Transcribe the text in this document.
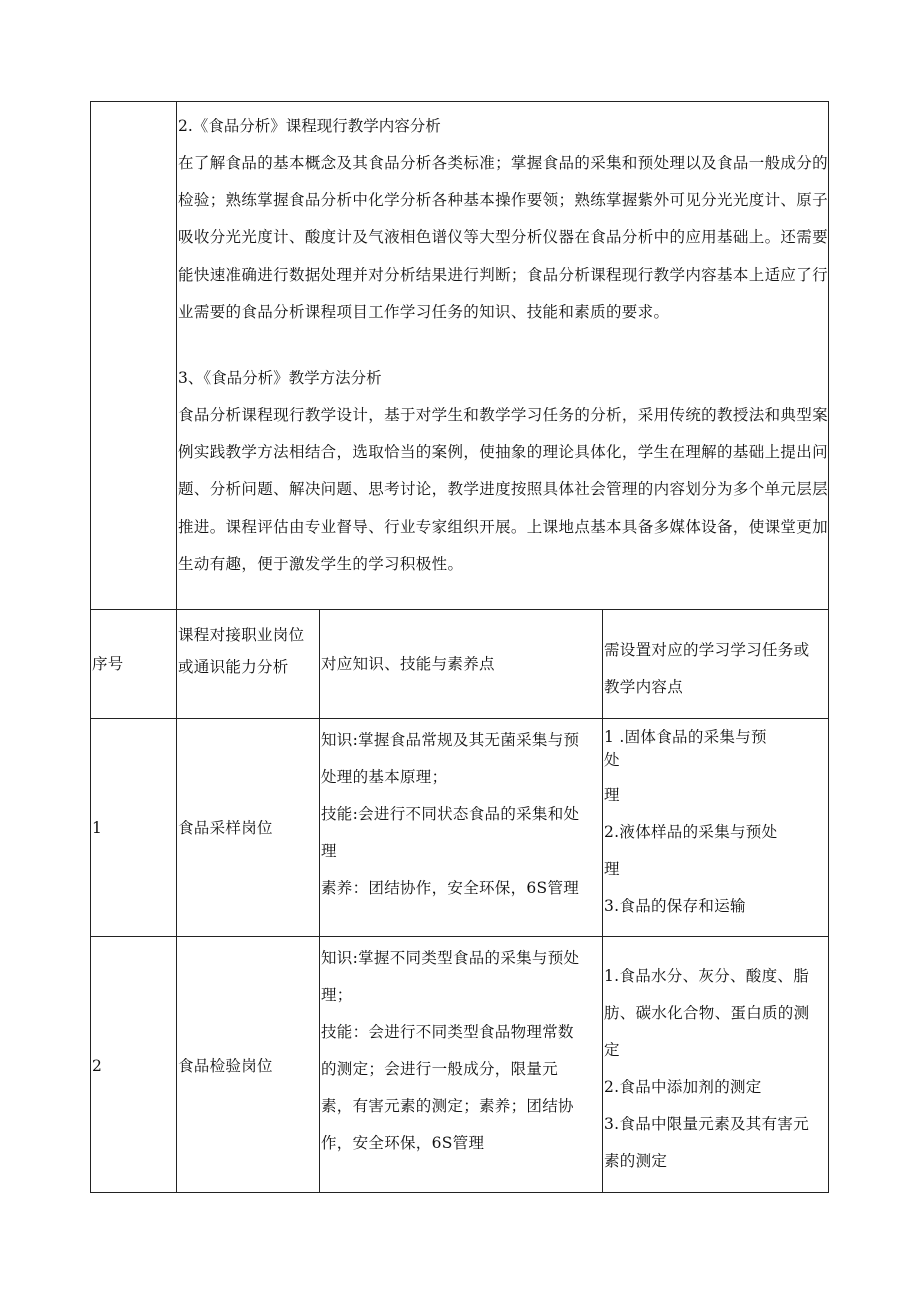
2.《食品分析》课程现行教学内容分析
在了解食品的基本概念及其食品分析各类标准；掌握食品的采集和预处理以及食品一般成分的检验；熟练掌握食品分析中化学分析各种基本操作要领；熟练掌握紫外可见分光光度计、原子吸收分光光度计、酸度计及气液相色谱仪等大型分析仪器在食品分析中的应用基础上。还需要能快速准确进行数据处理并对分析结果进行判断；食品分析课程现行教学内容基本上适应了行业需要的食品分析课程项目工作学习任务的知识、技能和素质的要求。
3、《食品分析》教学方法分析
食品分析课程现行教学设计，基于对学生和教学学习任务的分析，采用传统的教授法和典型案例实践教学方法相结合，选取恰当的案例，使抽象的理论具体化，学生在理解的基础上提出问题、分析问题、解决问题、思考讨论，教学进度按照具体社会管理的内容划分为多个单元层层推进。课程评估由专业督导、行业专家组织开展。上课地点基本具备多媒体设备，使课堂更加生动有趣，便于激发学生的学习积极性。
序号
课程对接职业岗位
或通识能力分析 对应知识、技能与素养点
需设置对应的学习学习任务或
教学内容点
1	食品采样岗位
知识:掌握食品常规及其无菌采集与预
处理的基本原理；
技能:会进行不同状态食品的采集和处
理
素养：团结协作，安全环保，6S管理
1 .固体食品的采集与预
处
理
2.液体样品的采集与预处
理
3.食品的保存和运输
2	食品检验岗位
知识:掌握不同类型食品的采集与预处
理；
技能：会进行不同类型食品物理常数
的测定；会进行一般成分，限量元
素，有害元素的测定；素养；团结协
作，安全环保，6S管理
1.食品水分、灰分、酸度、脂
肪、碳水化合物、蛋白质的测
定
2.食品中添加剂的测定
3.食品中限量元素及其有害元
素的测定
